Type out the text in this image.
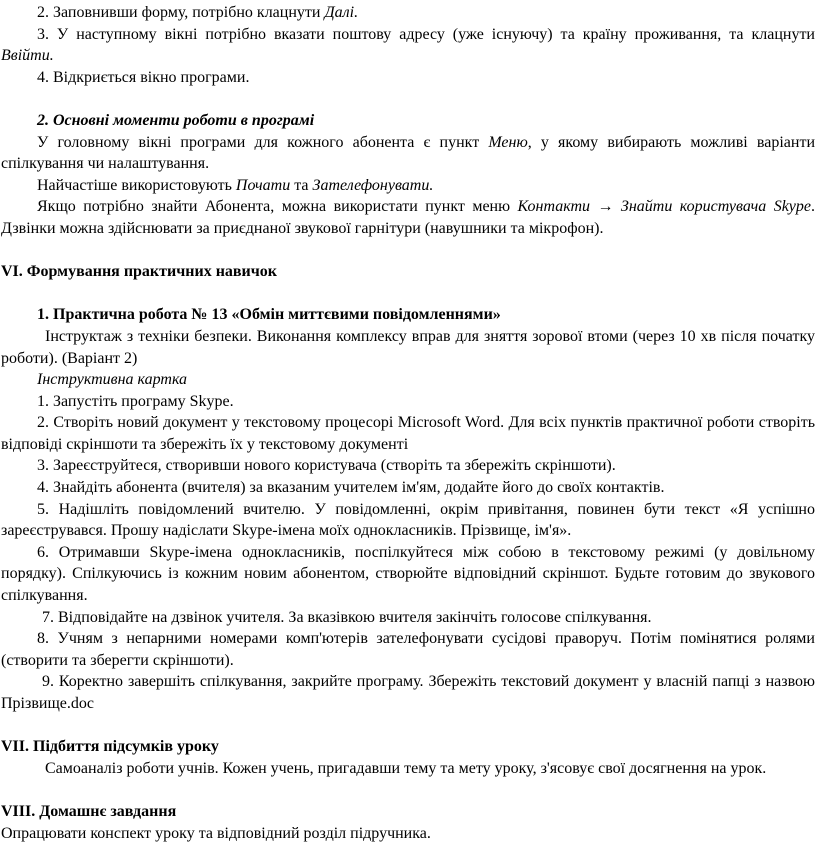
2. Заповнивши форму, потрібно клацнути Далі.

3. У наступному вікні потрібно вказати поштову адресу (уже існуючу) та країну проживання, та клацнути Ввійти.

4. Відкриється вікно програми.

2. Основні моменти роботи в програмі

У головному вікні програми для кожного абонента є пункт Меню, у якому вибирають можливі варіанти спілкування чи налаштування.

Найчастіше використовують Почати та Зателефонувати.

Якщо потрібно знайти Абонента, можна використати пункт меню Контакти → Знайти користувача Skype. Дзвінки можна здійснювати за приєднаної звукової гарнітури (навушники та мікрофон).

VI. Формування практичних навичок

1. Практична робота № 13 «Обмін миттєвими повідомленнями»

Інструктаж з техніки безпеки. Виконання комплексу вправ для зняття зорової втоми (через 10 хв після початку роботи). (Варіант 2)

Інструктивна картка

1. Запустіть програму Skype.

2. Створіть новий документ у текстовому процесорі Microsoft Word. Для всіх пунктів практичної роботи створіть відповіді скріншоти та збережіть їх у текстовому документі

3. Зареєструйтеся, створивши нового користувача (створіть та збережіть скріншоти).

4. Знайдіть абонента (вчителя) за вказаним учителем ім'ям, додайте його до своїх контактів.

5. Надішліть повідомлений вчителю. У повідомленні, окрім привітання, повинен бути текст «Я успішно зареєструвався. Прошу надіслати Skype-імена моїх однокласників. Прізвище, ім'я».

6. Отримавши Skype-імена однокласників, поспілкуйтеся між собою в текстовому режимі (у довільному порядку). Спілкуючись із кожним новим абонентом, створюйте відповідний скріншот. Будьте готовим до звукового спілкування.

7. Відповідайте на дзвінок учителя. За вказівкою вчителя закінчіть голосове спілкування.

8. Учням з непарними номерами комп'ютерів зателефонувати сусідові праворуч. Потім помінятися ролями (створити та зберегти скріншоти).

9. Коректно завершіть спілкування, закрийте програму. Збережіть текстовий документ у власній папці з назвою Прізвище.doc

VII. Підбиття підсумків уроку

Самоаналіз роботи учнів. Кожен учень, пригадавши тему та мету уроку, з'ясовує свої досягнення на урок.

VIII. Домашнє завдання

Опрацювати конспект уроку та відповідний розділ підручника.
